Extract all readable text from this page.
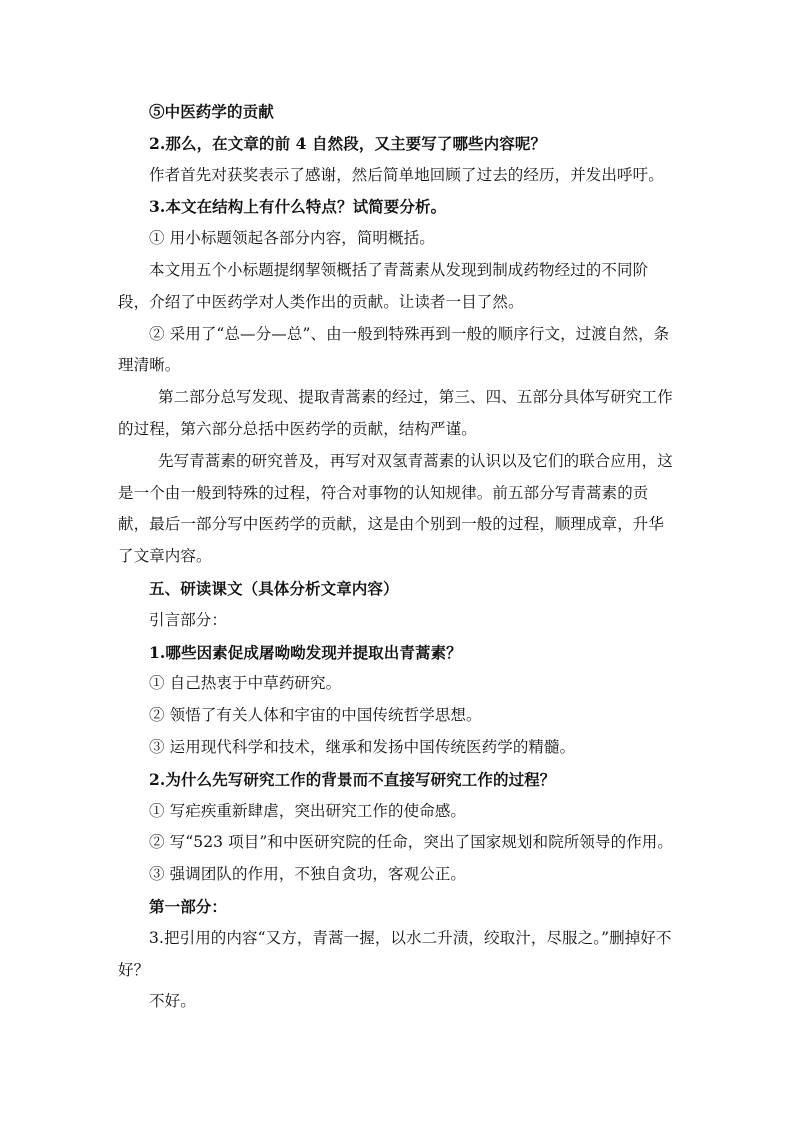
⑤中医药学的贡献

2.那么，在文章的前 4 自然段，又主要写了哪些内容呢？

作者首先对获奖表示了感谢，然后简单地回顾了过去的经历，并发出呼吁。

3.本文在结构上有什么特点？试简要分析。

① 用小标题领起各部分内容，简明概括。

本文用五个小标题提纲挈领概括了青蒿素从发现到制成药物经过的不同阶段，介绍了中医药学对人类作出的贡献。让读者一目了然。

② 采用了“总—分—总”、由一般到特殊再到一般的顺序行文，过渡自然，条理清晰。

第二部分总写发现、提取青蒿素的经过，第三、四、五部分具体写研究工作的过程，第六部分总括中医药学的贡献，结构严谨。

先写青蒿素的研究普及，再写对双氢青蒿素的认识以及它们的联合应用，这是一个由一般到特殊的过程，符合对事物的认知规律。前五部分写青蒿素的贡献，最后一部分写中医药学的贡献，这是由个别到一般的过程，顺理成章，升华了文章内容。

五、研读课文（具体分析文章内容）

引言部分：

1.哪些因素促成屠呦呦发现并提取出青蒿素？

① 自己热衷于中草药研究。

② 领悟了有关人体和宇宙的中国传统哲学思想。

③ 运用现代科学和技术，继承和发扬中国传统医药学的精髓。

2.为什么先写研究工作的背景而不直接写研究工作的过程？

① 写疟疾重新肆虐，突出研究工作的使命感。

② 写“523 项目”和中医研究院的任命，突出了国家规划和院所领导的作用。

③ 强调团队的作用，不独自贪功，客观公正。

第一部分：

3.把引用的内容“又方，青蒿一握，以水二升渍，绞取汁，尽服之。”删掉好不好？

不好。
